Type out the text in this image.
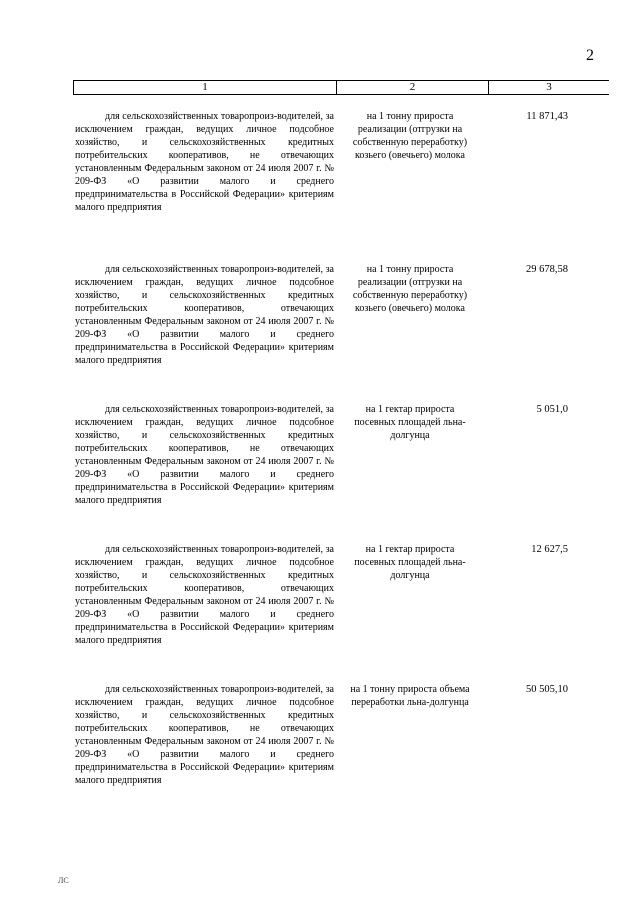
2
1	2	3

для сельскохозяйственных товаропроиз-водителей, за исключением граждан, ведущих личное подсобное хозяйство, и сельскохозяйственных кредитных потребительских кооперативов, не отвечающих установленным Федеральным законом от 24 июля 2007 г. № 209-ФЗ «О развитии малого и среднего предпринимательства в Российской Федерации» критериям малого предприятия

на 1 тонну прироста реализации (отгрузки на собственную переработку) козьего (овечьего) молока
11 871,43

для сельскохозяйственных товаропроиз-водителей, за исключением граждан, ведущих личное подсобное хозяйство, и сельскохозяйственных кредитных потребительских кооперативов, отвечающих установленным Федеральным законом от 24 июля 2007 г. № 209-ФЗ «О развитии малого и среднего предпринимательства в Российской Федерации» критериям малого предприятия

на 1 тонну прироста реализации (отгрузки на собственную переработку) козьего (овечьего) молока
29 678,58

для сельскохозяйственных товаропроиз-водителей, за исключением граждан, ведущих личное подсобное хозяйство, и сельскохозяйственных кредитных потребительских кооперативов, не отвечающих установленным Федеральным законом от 24 июля 2007 г. № 209-ФЗ «О развитии малого и среднего предпринимательства в Российской Федерации» критериям малого предприятия

на 1 гектар прироста посевных площадей льна-долгунца
5 051,0

для сельскохозяйственных товаропроиз-водителей, за исключением граждан, ведущих личное подсобное хозяйство, и сельскохозяйственных кредитных потребительских кооперативов, отвечающих установленным Федеральным законом от 24 июля 2007 г. № 209-ФЗ «О развитии малого и среднего предпринимательства в Российской Федерации» критериям малого предприятия

на 1 гектар прироста посевных площадей льна-долгунца
12 627,5

для сельскохозяйственных товаропроиз-водителей, за исключением граждан, ведущих личное подсобное хозяйство, и сельскохозяйственных кредитных потребительских кооперативов, не отвечающих установленным Федеральным законом от 24 июля 2007 г. № 209-ФЗ «О развитии малого и среднего предпринимательства в Российской Федерации» критериям малого предприятия

на 1 тонну прироста объема переработки льна-долгунца
50 505,10
ЛС
